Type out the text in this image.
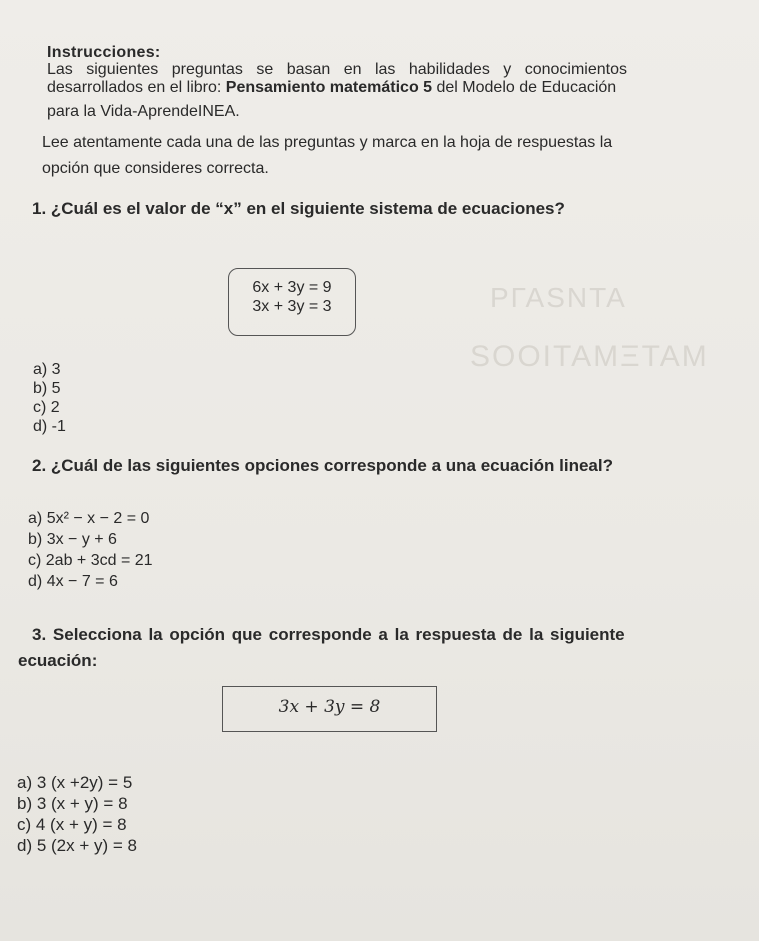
ΡΓΑЅΝΤΑ
ЅΟΟΙΤΑΜΞΤΑΜ
Instrucciones:
Las siguientes preguntas se basan en las habilidades y conocimientos
desarrollados en el libro: Pensamiento matemático 5 del Modelo de Educación
para la Vida-AprendeINEA.
Lee atentamente cada una de las preguntas y marca en la hoja de respuestas la
opción que consideres correcta.
1. ¿Cuál es el valor de “x” en el siguiente sistema de ecuaciones?
6x + 3y = 9
3x + 3y = 3
a) 3
b) 5
c) 2
d) -1
2. ¿Cuál de las siguientes opciones corresponde a una ecuación lineal?
a) 5x² − x − 2 = 0
b) 3x − y + 6
c) 2ab + 3cd = 21
d) 4x − 7 = 6
3. Selecciona la opción que corresponde a la respuesta de la siguiente
ecuación:
3x + 3y = 8
a) 3 (x +2y) = 5
b) 3 (x + y) = 8
c) 4 (x + y) = 8
d) 5 (2x + y) = 8
